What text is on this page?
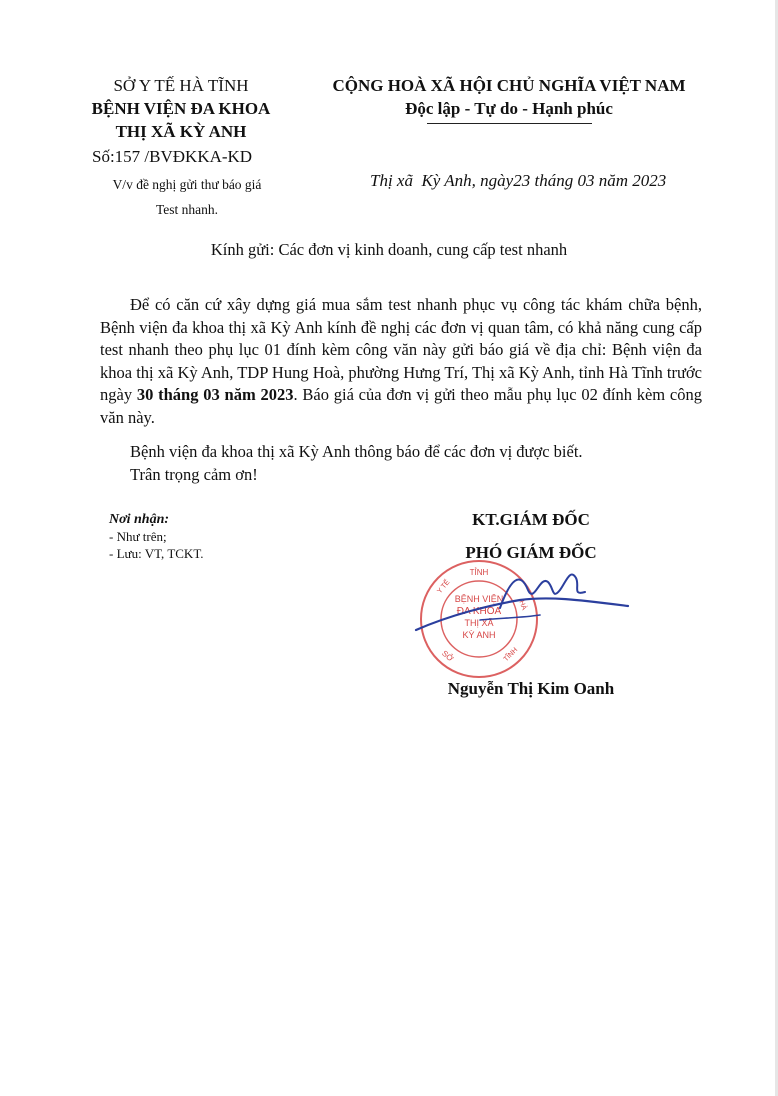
SỞ Y TẾ HÀ TĨNH
BỆNH VIỆN ĐA KHOA
THỊ XÃ KỲ ANH
CỘNG HOÀ XÃ HỘI CHỦ NGHĨA VIỆT NAM
Độc lập - Tự do - Hạnh phúc
Số:157 /BVĐKKA-KD
V/v đề nghị gửi thư báo giá
Test nhanh.
Thị xã  Kỳ Anh, ngày23 tháng 03 năm 2023
Kính gửi: Các đơn vị kinh doanh, cung cấp test nhanh
Để có căn cứ xây dựng giá mua sắm test nhanh phục vụ công tác khám chữa bệnh, Bệnh viện đa khoa thị xã Kỳ Anh kính đề nghị các đơn vị quan tâm, có khả năng cung cấp test nhanh theo phụ lục 01 đính kèm công văn này gửi báo giá về địa chỉ: Bệnh viện đa khoa thị xã Kỳ Anh, TDP Hung Hoà, phường Hưng Trí, Thị xã Kỳ Anh, tỉnh Hà Tĩnh trước ngày 30 tháng 03 năm 2023. Báo giá của đơn vị gửi theo mẫu phụ lục 02 đính kèm công văn này.
Bệnh viện đa khoa thị xã Kỳ Anh thông báo để các đơn vị được biết.
Trân trọng cảm ơn!
Nơi nhận:
- Như trên;
- Lưu: VT, TCKT.
KT.GIÁM ĐỐC
PHÓ GIÁM ĐỐC
TỈNH
Y TẾ
HÀ
SỞ	TĨNH
BỆNH VIỆN
ĐA KHOA
THỊ XÃ
KỲ ANH
Nguyễn Thị Kim Oanh
